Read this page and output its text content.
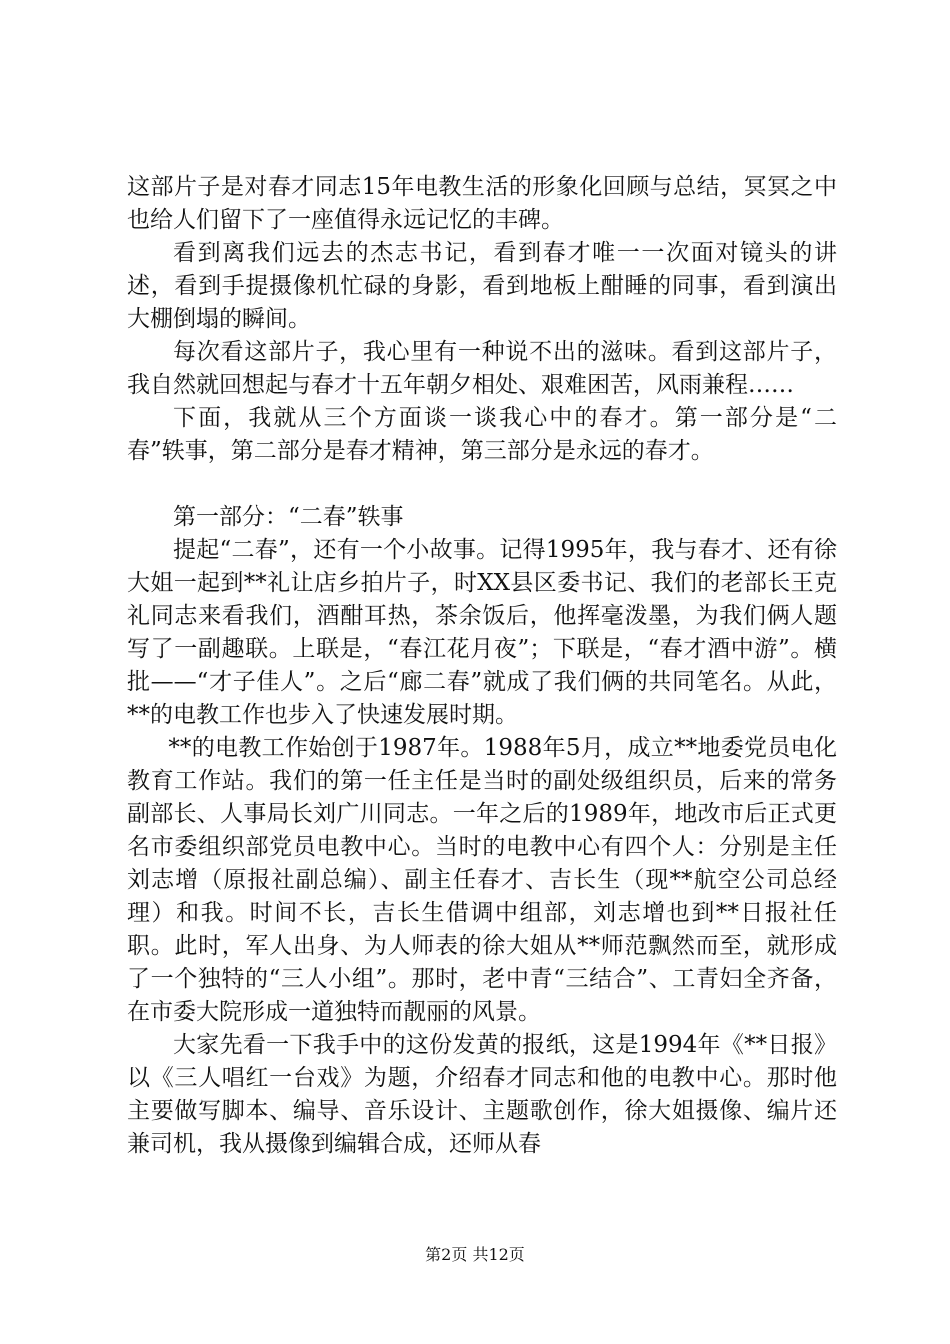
这部片子是对春才同志15年电教生活的形象化回顾与总结，冥冥之中也给人们留下了一座值得永远记忆的丰碑。

看到离我们远去的杰志书记，看到春才唯一一次面对镜头的讲述，看到手提摄像机忙碌的身影，看到地板上酣睡的同事，看到演出大棚倒塌的瞬间。

每次看这部片子，我心里有一种说不出的滋味。看到这部片子，我自然就回想起与春才十五年朝夕相处、艰难困苦，风雨兼程……

下面，我就从三个方面谈一谈我心中的春才。第一部分是“二春”轶事，第二部分是春才精神，第三部分是永远的春才。

第一部分：“二春”轶事

提起“二春”，还有一个小故事。记得1995年，我与春才、还有徐大姐一起到**礼让店乡拍片子，时XX县区委书记、我们的老部长王克礼同志来看我们，酒酣耳热，茶余饭后，他挥毫泼墨，为我们俩人题写了一副趣联。上联是，“春江花月夜”；下联是，“春才酒中游”。横批——“才子佳人”。之后“廊二春”就成了我们俩的共同笔名。从此，**的电教工作也步入了快速发展时期。

**的电教工作始创于1987年。1988年5月，成立**地委党员电化教育工作站。我们的第一任主任是当时的副处级组织员，后来的常务副部长、人事局长刘广川同志。一年之后的1989年，地改市后正式更名市委组织部党员电教中心。当时的电教中心有四个人：分别是主任刘志增（原报社副总编）、副主任春才、吉长生（现**航空公司总经理）和我。时间不长，吉长生借调中组部，刘志增也到**日报社任职。此时，军人出身、为人师表的徐大姐从**师范飘然而至，就形成了一个独特的“三人小组”。那时，老中青“三结合”、工青妇全齐备，在市委大院形成一道独特而靓丽的风景。

大家先看一下我手中的这份发黄的报纸，这是1994年《**日报》以《三人唱红一台戏》为题，介绍春才同志和他的电教中心。那时他主要做写脚本、编导、音乐设计、主题歌创作，徐大姐摄像、编片还兼司机，我从摄像到编辑合成，还师从春

第2页 共12页
